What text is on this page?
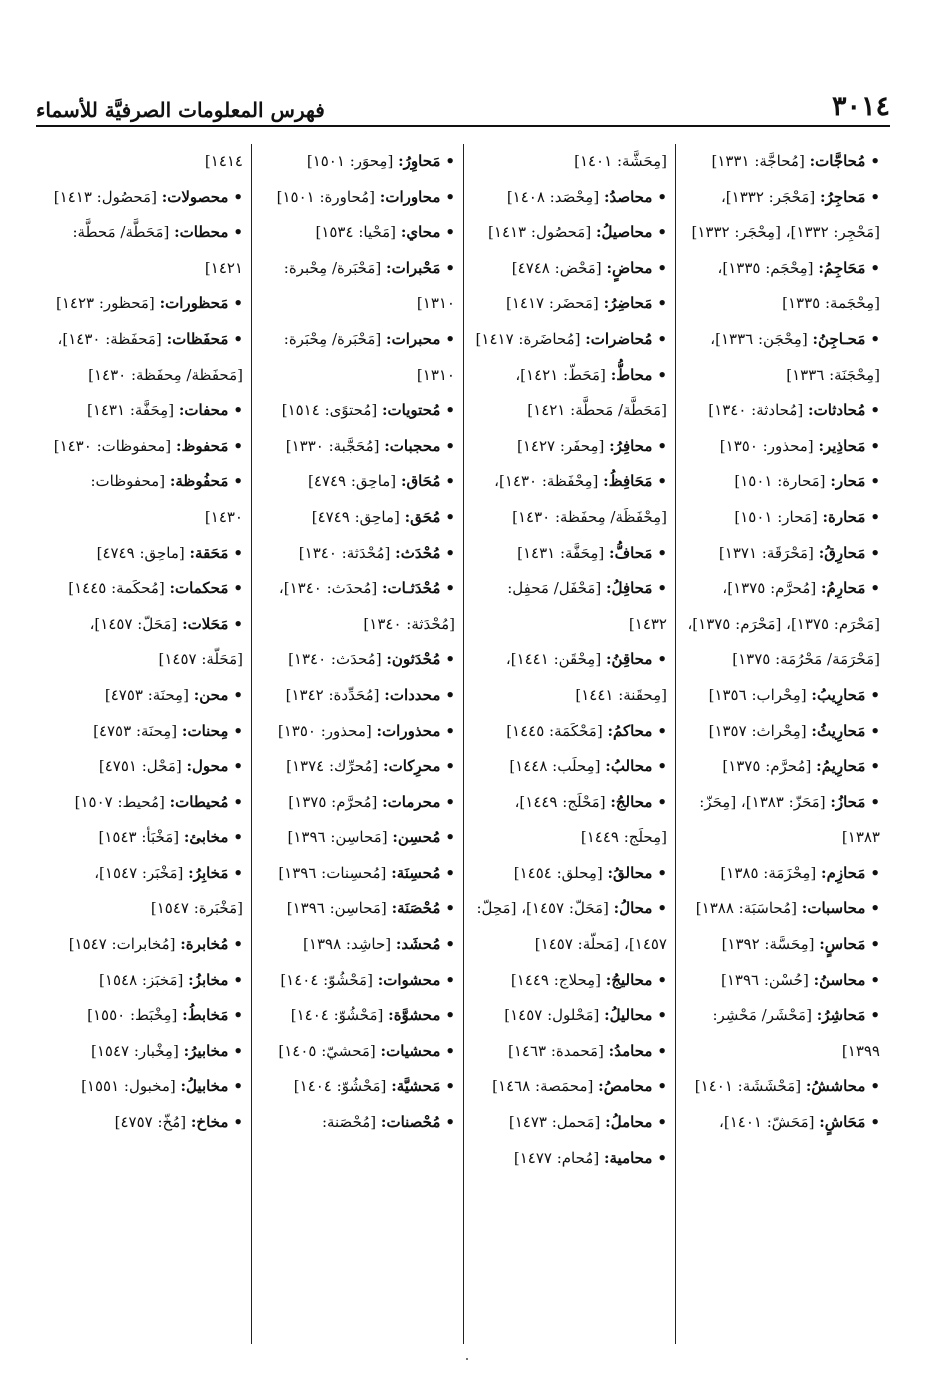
٣٠١٤
فهرس المعلومات الصرفيَّة للأسماء
•مُحاجَّات: [مُحاجَّة: ١٣٣١]
•مَحاجِرُ: [مَحْجَر: ١٣٣٢]، [مَحْجِر: ١٣٣٢]، [مِحْجَر: ١٣٣٢]
•مَحَاجِمُ: [مِحْجَم: ١٣٣٥]، [مِحْجَمة: ١٣٣٥]
•مَحـاجِنُ: [مِحْجَن: ١٣٣٦]، [مِحْجَنَة: ١٣٣٦]
•مُحادثات: [مُحادثة: ١٣٤٠]
•مَحاذِير: [محذور: ١٣٥٠]
•مَحار: [مَحارة: ١٥٠١]
•مَحارة: [مَحار: ١٥٠١]
•مَحارِقُ: [مَحْرَقَة: ١٣٧١]
•مَحارِمُ: [مُحرَّم: ١٣٧٥]، [مَحْرَم: ١٣٧٥]، [مَحْرَم: ١٣٧٥]، [مَحْرَمَة/ مَحْرُمَة: ١٣٧٥]
•مَحارِيبُ: [مِحْراب: ١٣٥٦]
•مَحارِيثُ: [مِحْراث: ١٣٥٧]
•مَحارِيمُ: [مُحرَّم: ١٣٧٥]
•مَحازُ: [مَحَزّ: ١٣٨٣]، [مِحَزّ: ١٣٨٣]
•مَحازِم: [مِحْزَمَة: ١٣٨٥]
•محاسبات: [مُحاسَبَة: ١٣٨٨]
•مَحاسٍ: [مِحَسَّة: ١٣٩٢]
•محاسنُ: [حُسْن: ١٣٩٦]
•مَحاشِرُ: [مَحْشَر/ مَحْشِر: ١٣٩٩]
•محاششُ: [مَحْشَشَة: ١٤٠١]
•مَحَاشٍ: [مَحَشّ: ١٤٠١]،
[مِحَشَّة: ١٤٠١]
•محاصدُ: [مِحْصَد: ١٤٠٨]
•محاصيلُ: [مَحصُول: ١٤١٣]
•محاضٍ: [مَحْض: ٤٧٤٨]
•مَحاضِرُ: [مَحضَر: ١٤١٧]
•مُحاضرات: [مُحاضَرة: ١٤١٧]
•محاطُّ: [مَحَطّ: ١٤٢١]، [مَحَطَّة/ مَحطَّة: ١٤٢١]
•محافِرُ: [مِحفَر: ١٤٢٧]
•مَحَافِظُ: [مِحْفَظة: ١٤٣٠]، [مِحْفَظَة/ مِحفَظة: ١٤٣٠]
•مَحافُّ: [مِحَفَّة: ١٤٣١]
•مَحافِلُ: [مَحْفَل/ مَحفِل: ١٤٣٢]
•محاقِنُ: [مِحْقَن: ١٤٤١]، [مِحقَنة: ١٤٤١]
•محاكمُ: [مَحْكَمَة: ١٤٤٥]
•محالبُ: [مِحلَب: ١٤٤٨]
•محالجُ: [مَحْلَج: ١٤٤٩]، [مِحلَج: ١٤٤٩]
•محالقُ: [مِحلق: ١٤٥٤]
•محالُ: [مَحَلّ: ١٤٥٧]، [مَحِلّ: ١٤٥٧]، [مَحلّة: ١٤٥٧]
•محاليجُ: [مِحلاج: ١٤٤٩]
•محاليلُ: [مَحْلول: ١٤٥٧]
•محامدُ: [مَحمدة: ١٤٦٣]
•محامصُ: [محمَصة: ١٤٦٨]
•محاملُ: [مَحمل: ١٤٧٣]
•محامية: [مُحام: ١٤٧٧]
•مَحاوِرُ: [مِحوَر: ١٥٠١]
•محاورات: [مُحاورة: ١٥٠١]
•محاي: [مَحْيا: ١٥٣٤]
•مَحْبرات: [مَحْبَرة/ مِحْبرة: ١٣١٠]
•محبرات: [مَحْبَرة/ مِحْبَرة: ١٣١٠]
•مُحتويات: [مُحتوًى: ١٥١٤]
•محجبات: [مُحَجَّبة: ١٣٣٠]
•مُحَاق: [ماحِق: ٤٧٤٩]
•مُحَق: [ماحِق: ٤٧٤٩]
•مُحْدَث: [مُحْدَثة: ١٣٤٠]
•مُحْدَثـات: [مُحدَث: ١٣٤٠]، [مُحْدَثة: ١٣٤٠]
•مُحْدَثون: [مُحدَث: ١٣٤٠]
•محددات: [مُحَدِّدة: ١٣٤٢]
•محذورات: [محذور: ١٣٥٠]
•محرِكات: [مُحرِّك: ١٣٧٤]
•محرمات: [مُحرَّم: ١٣٧٥]
•مُحسِن: [مَحاسِن: ١٣٩٦]
•مُحسِنَة: [مُحسِنات: ١٣٩٦]
•مُحْصَنَة: [مَحاسِن: ١٣٩٦]
•مُحشَد: [حاشِد: ١٣٩٨]
•محشوات: [مَحْشُوّ: ١٤٠٤]
•محشوَّة: [مَحْشُوّ: ١٤٠٤]
•محشيات: [مَحشيّ: ١٤٠٥]
•مَحشيَّة: [مَحْشُوّ: ١٤٠٤]
•مُحْصنات: [مُحْصَنة:
١٤١٤]
•محصولات: [مَحصُول: ١٤١٣]
•محطات: [مَحَطَّة/ مَحطَّة: ١٤٢١]
•مَحظورات: [مَحظور: ١٤٢٣]
•مَحفَظات: [مَحفَظة: ١٤٣٠]، [مَحفَظة/ مِحفَظة: ١٤٣٠]
•محفات: [مِحَفَّة: ١٤٣١]
•مَحفوظ: [محفوظات: ١٤٣٠]
•مَحفُوظة: [محفوظات: ١٤٣٠]
•مَحَقة: [ماحِق: ٤٧٤٩]
•مَحكمات: [مُحكَمة: ١٤٤٥]
•مَحَلات: [مَحَلّ: ١٤٥٧]، [مَحَلّة: ١٤٥٧]
•محن: [مِحنَة: ٤٧٥٣]
•مِحنات: [مِحنَة: ٤٧٥٣]
•محول: [مَحْل: ٤٧٥١]
•مُحيطات: [مُحيط: ١٥٠٧]
•مخابئ: [مَخْبَأ: ١٥٤٣]
•مَخابِرُ: [مَخْبَر: ١٥٤٧]، [مَخْبَرة: ١٥٤٧]
•مُخابرة: [مُخابرات: ١٥٤٧]
•مخابزُ: [مَخبَز: ١٥٤٨]
•مَخابطُ: [مِخْبَط: ١٥٥٠]
•مخابيرُ: [مِخْبار: ١٥٤٧]
•مخابيلُ: [مخبول: ١٥٥١]
•مخاخ: [مُخّ: ٤٧٥٧]
